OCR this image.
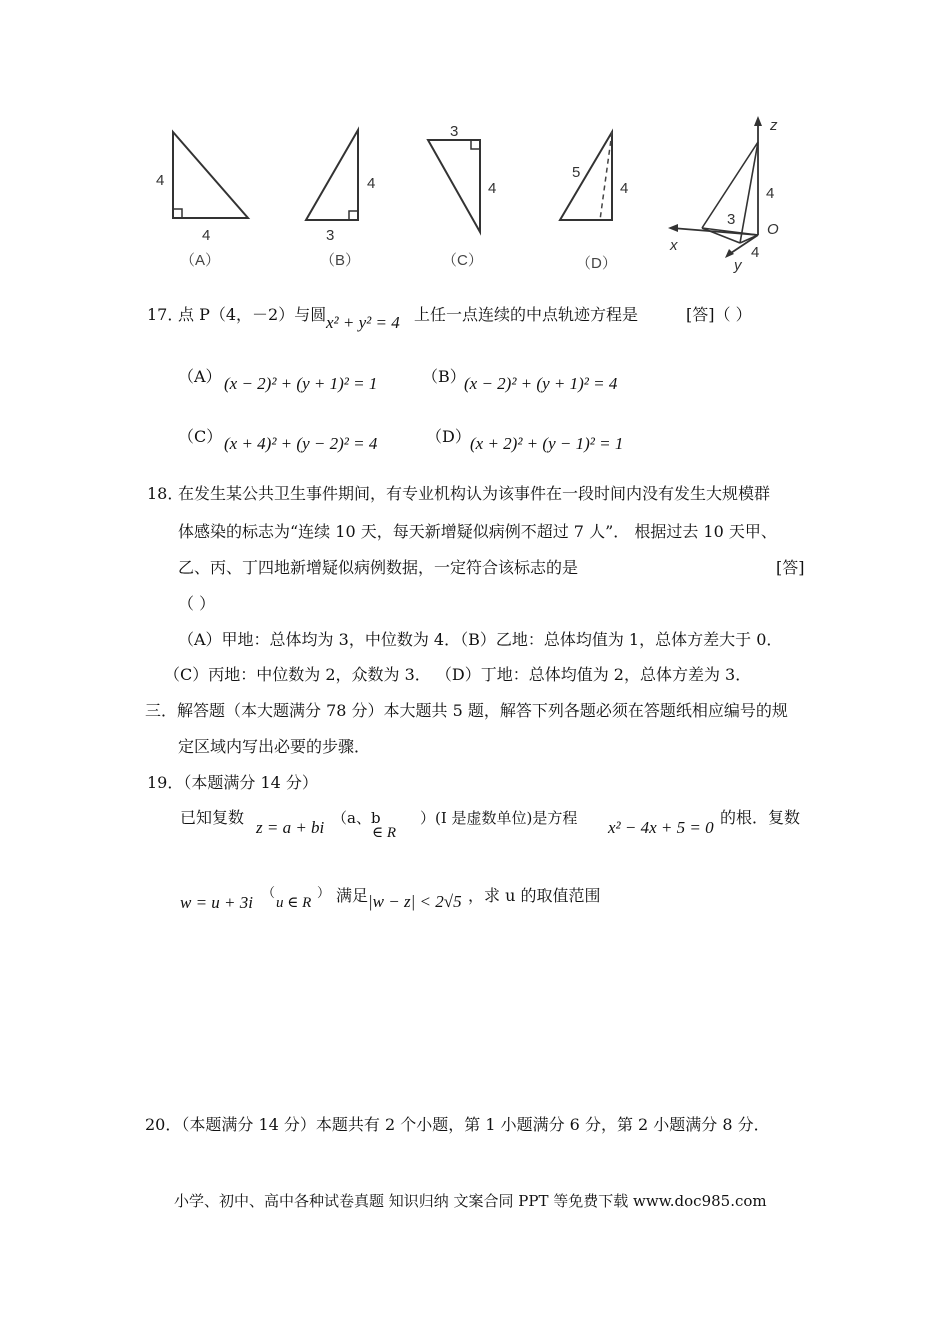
4
4
（A）
4
3
（B）
3
4
（C）
5
4
（D）
z
x
y
O
4
3
4
17．
点 P（4，－2）与圆 x² + y² = 4 上任一点连续的中点轨迹方程是	[答]（ ）
（A） (x − 2)² + (y + 1)² = 1	（B）
(x − 2)² + (y + 1)² = 4
（C） (x + 4)² + (y − 2)² = 4	（D） (x + 2)² + (y − 1)² = 1
18．
在发生某公共卫生事件期间，有专业机构认为该事件在一段时间内没有发生大规模群
体感染的标志为“连续 10 天，每天新增疑似病例不超过 7 人”． 根据过去 10 天甲、
乙、丙、丁四地新增疑似病例数据，一定符合该标志的是	[答]
（ ）
（A）甲地：总体均为 3，中位数为 4．（B）乙地：总体均值为 1，总体方差大于 0．
（C）丙地：中位数为 2，众数为 3． （D）丁地：总体均值为 2，总体方差为 3．
三．解答题（本大题满分 78 分）本大题共 5 题，解答下列各题必须在答题纸相应编号的规
定区域内写出必要的步骤．
19．（本题满分 14 分）
已知复数
z = a + bi （a、b
∈ R
）(I 是虚数单位)是方程 x² − 4x + 5 = 0
的根．复数
w = u + 3i （
u ∈ R
） 满足 |w − z| < 2√5 ，求 u 的取值范围
20．（本题满分 14 分）本题共有 2 个小题，第 1 小题满分 6 分，第 2 小题满分 8 分．
小学、初中、高中各种试卷真题 知识归纳 文案合同 PPT 等免费下载 www.doc985.com
